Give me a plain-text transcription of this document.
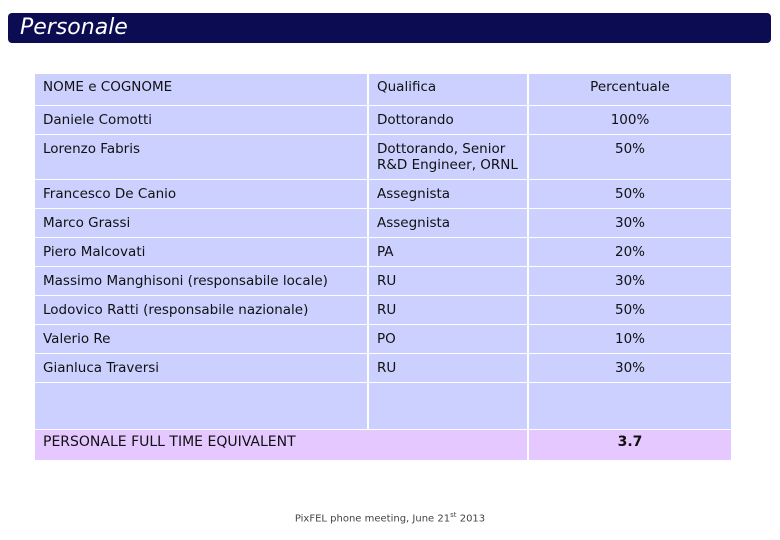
Personale
NOME e COGNOME	Qualifica	Percentuale
Daniele Comotti	Dottorando	100%
Lorenzo Fabris	Dottorando, Senior R&D Engineer, ORNL	50%
Francesco De Canio	Assegnista	50%
Marco Grassi	Assegnista	30%
Piero Malcovati	PA	20%
Massimo Manghisoni (responsabile locale)	RU	30%
Lodovico Ratti (responsabile nazionale)	RU	50%
Valerio Re	PO	10%
Gianluca Traversi	RU	30%

PERSONALE FULL TIME EQUIVALENT		3.7
PixFEL phone meeting, June 21st 2013
